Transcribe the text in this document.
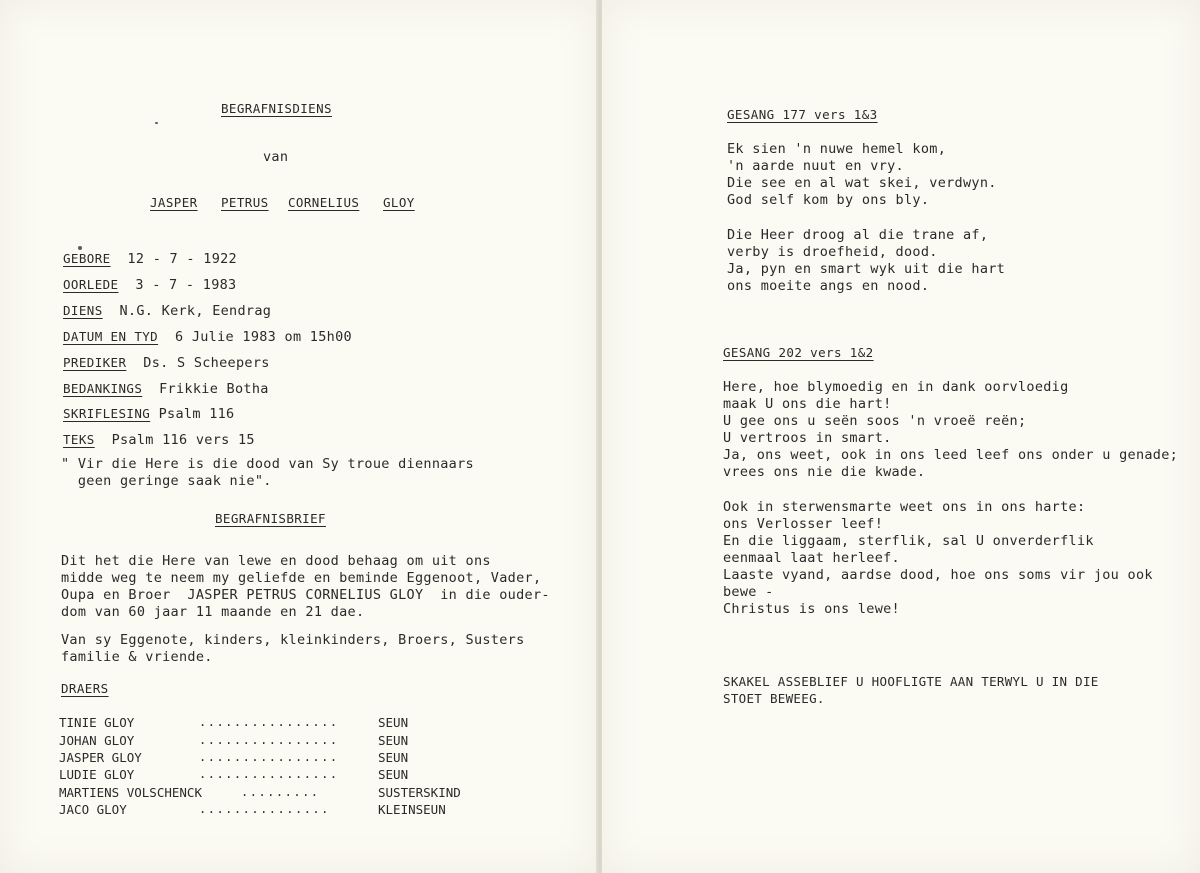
BEGRAFNISDIENS
van
JASPER PETRUS CORNELIUS GLOY
GEBORE 12 - 7 - 1922
OORLEDE 3 - 7 - 1983
DIENS N.G. Kerk, Eendrag
DATUM EN TYD 6 Julie 1983 om 15h00
PREDIKER Ds. S Scheepers
BEDANKINGS Frikkie Botha
SKRIFLESING Psalm 116
TEKS Psalm 116 vers 15
" Vir die Here is die dood van Sy troue diennaars
geen geringe saak nie".
BEGRAFNISBRIEF
Dit het die Here van lewe en dood behaag om uit ons
midde weg te neem my geliefde en beminde Eggenoot, Vader,
Oupa en Broer  JASPER PETRUS CORNELIUS GLOY  in die ouder-
dom van 60 jaar 11 maande en 21 dae.
Van sy Eggenote, kinders, kleinkinders, Broers, Susters
familie & vriende.
DRAERS
TINIE GLOY	................	SEUN
JOHAN GLOY	................	SEUN
JASPER GLOY	................	SEUN
LUDIE GLOY	................	SEUN
MARTIENS VOLSCHENCK	.........	SUSTERSKIND
JACO GLOY	...............	KLEINSEUN
GESANG 177 vers 1&3
Ek sien 'n nuwe hemel kom,
'n aarde nuut en vry.
Die see en al wat skei, verdwyn.
God self kom by ons bly.
Die Heer droog al die trane af,
verby is droefheid, dood.
Ja, pyn en smart wyk uit die hart
ons moeite angs en nood.
GESANG 202 vers 1&2
Here, hoe blymoedig en in dank oorvloedig
maak U ons die hart!
U gee ons u seën soos 'n vroeë reën;
U vertroos in smart.
Ja, ons weet, ook in ons leed leef ons onder u genade;
vrees ons nie die kwade.
Ook in sterwensmarte weet ons in ons harte:
ons Verlosser leef!
En die liggaam, sterflik, sal U onverderflik
eenmaal laat herleef.
Laaste vyand, aardse dood, hoe ons soms vir jou ook
bewe -
Christus is ons lewe!
SKAKEL ASSEBLIEF U HOOFLIGTE AAN TERWYL U IN DIE
STOET BEWEEG.
